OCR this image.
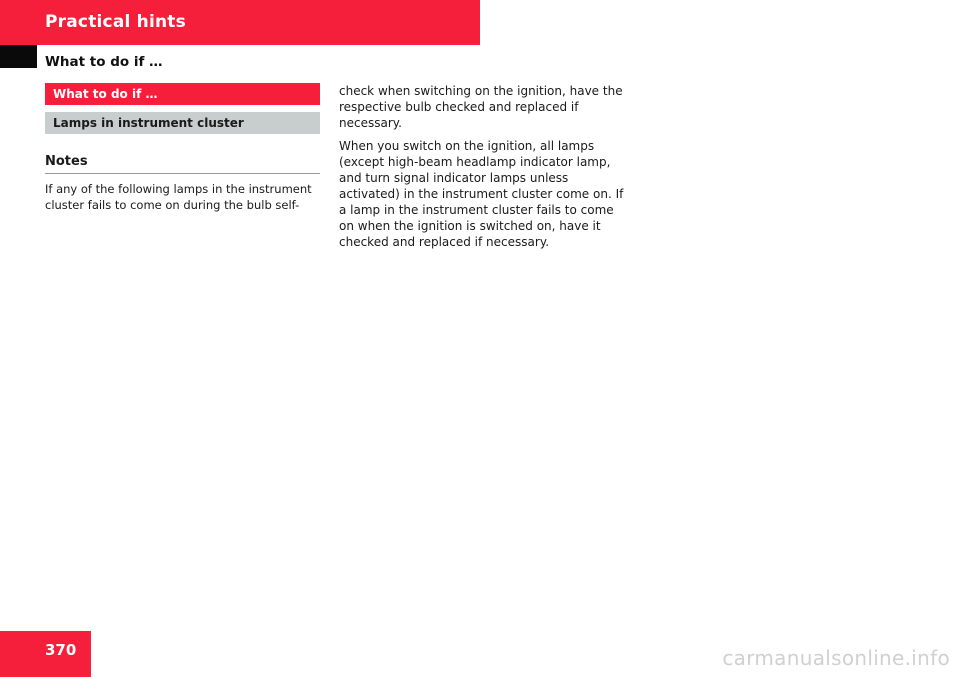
Practical hints
What to do if …
What to do if …
Lamps in instrument cluster
Notes

If any of the following lamps in the instrument cluster fails to come on during the bulb self-

check when switching on the ignition, have the respective bulb checked and replaced if necessary.

When you switch on the ignition, all lamps (except high-beam headlamp indicator lamp, and turn signal indicator lamps unless activated) in the instrument cluster come on. If a lamp in the instrument cluster fails to come on when the ignition is switched on, have it checked and replaced if necessary.

370	carmanualsonline.info
